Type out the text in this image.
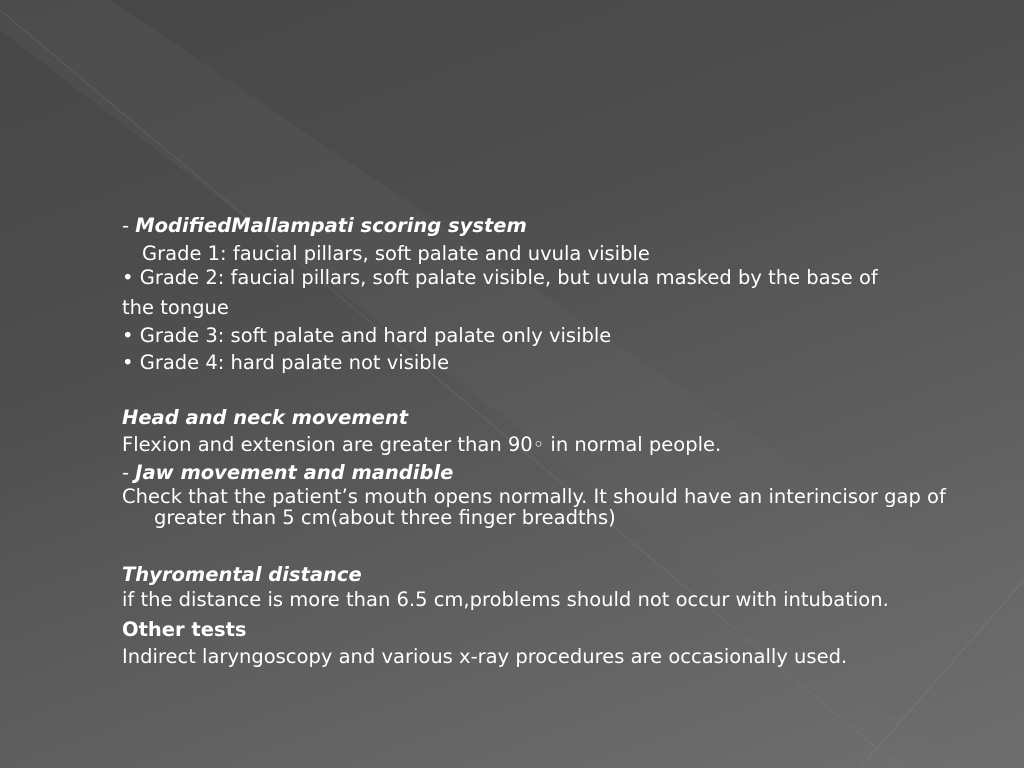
- ModifiedMallampati scoring system

Grade 1: faucial pillars, soft palate and uvula visible

• Grade 2: faucial pillars, soft palate visible, but uvula masked by the base of

the tongue

• Grade 3: soft palate and hard palate only visible

• Grade 4: hard palate not visible

Head and neck movement

Flexion and extension are greater than 90◦ in normal people.

- Jaw movement and mandible

Check that the patient’s mouth opens normally. It should have an interincisor gap of greater than 5 cm(about three finger breadths)

Thyromental distance

if the distance is more than 6.5 cm,problems should not occur with intubation.

Other tests

Indirect laryngoscopy and various x-ray procedures are occasionally used.
